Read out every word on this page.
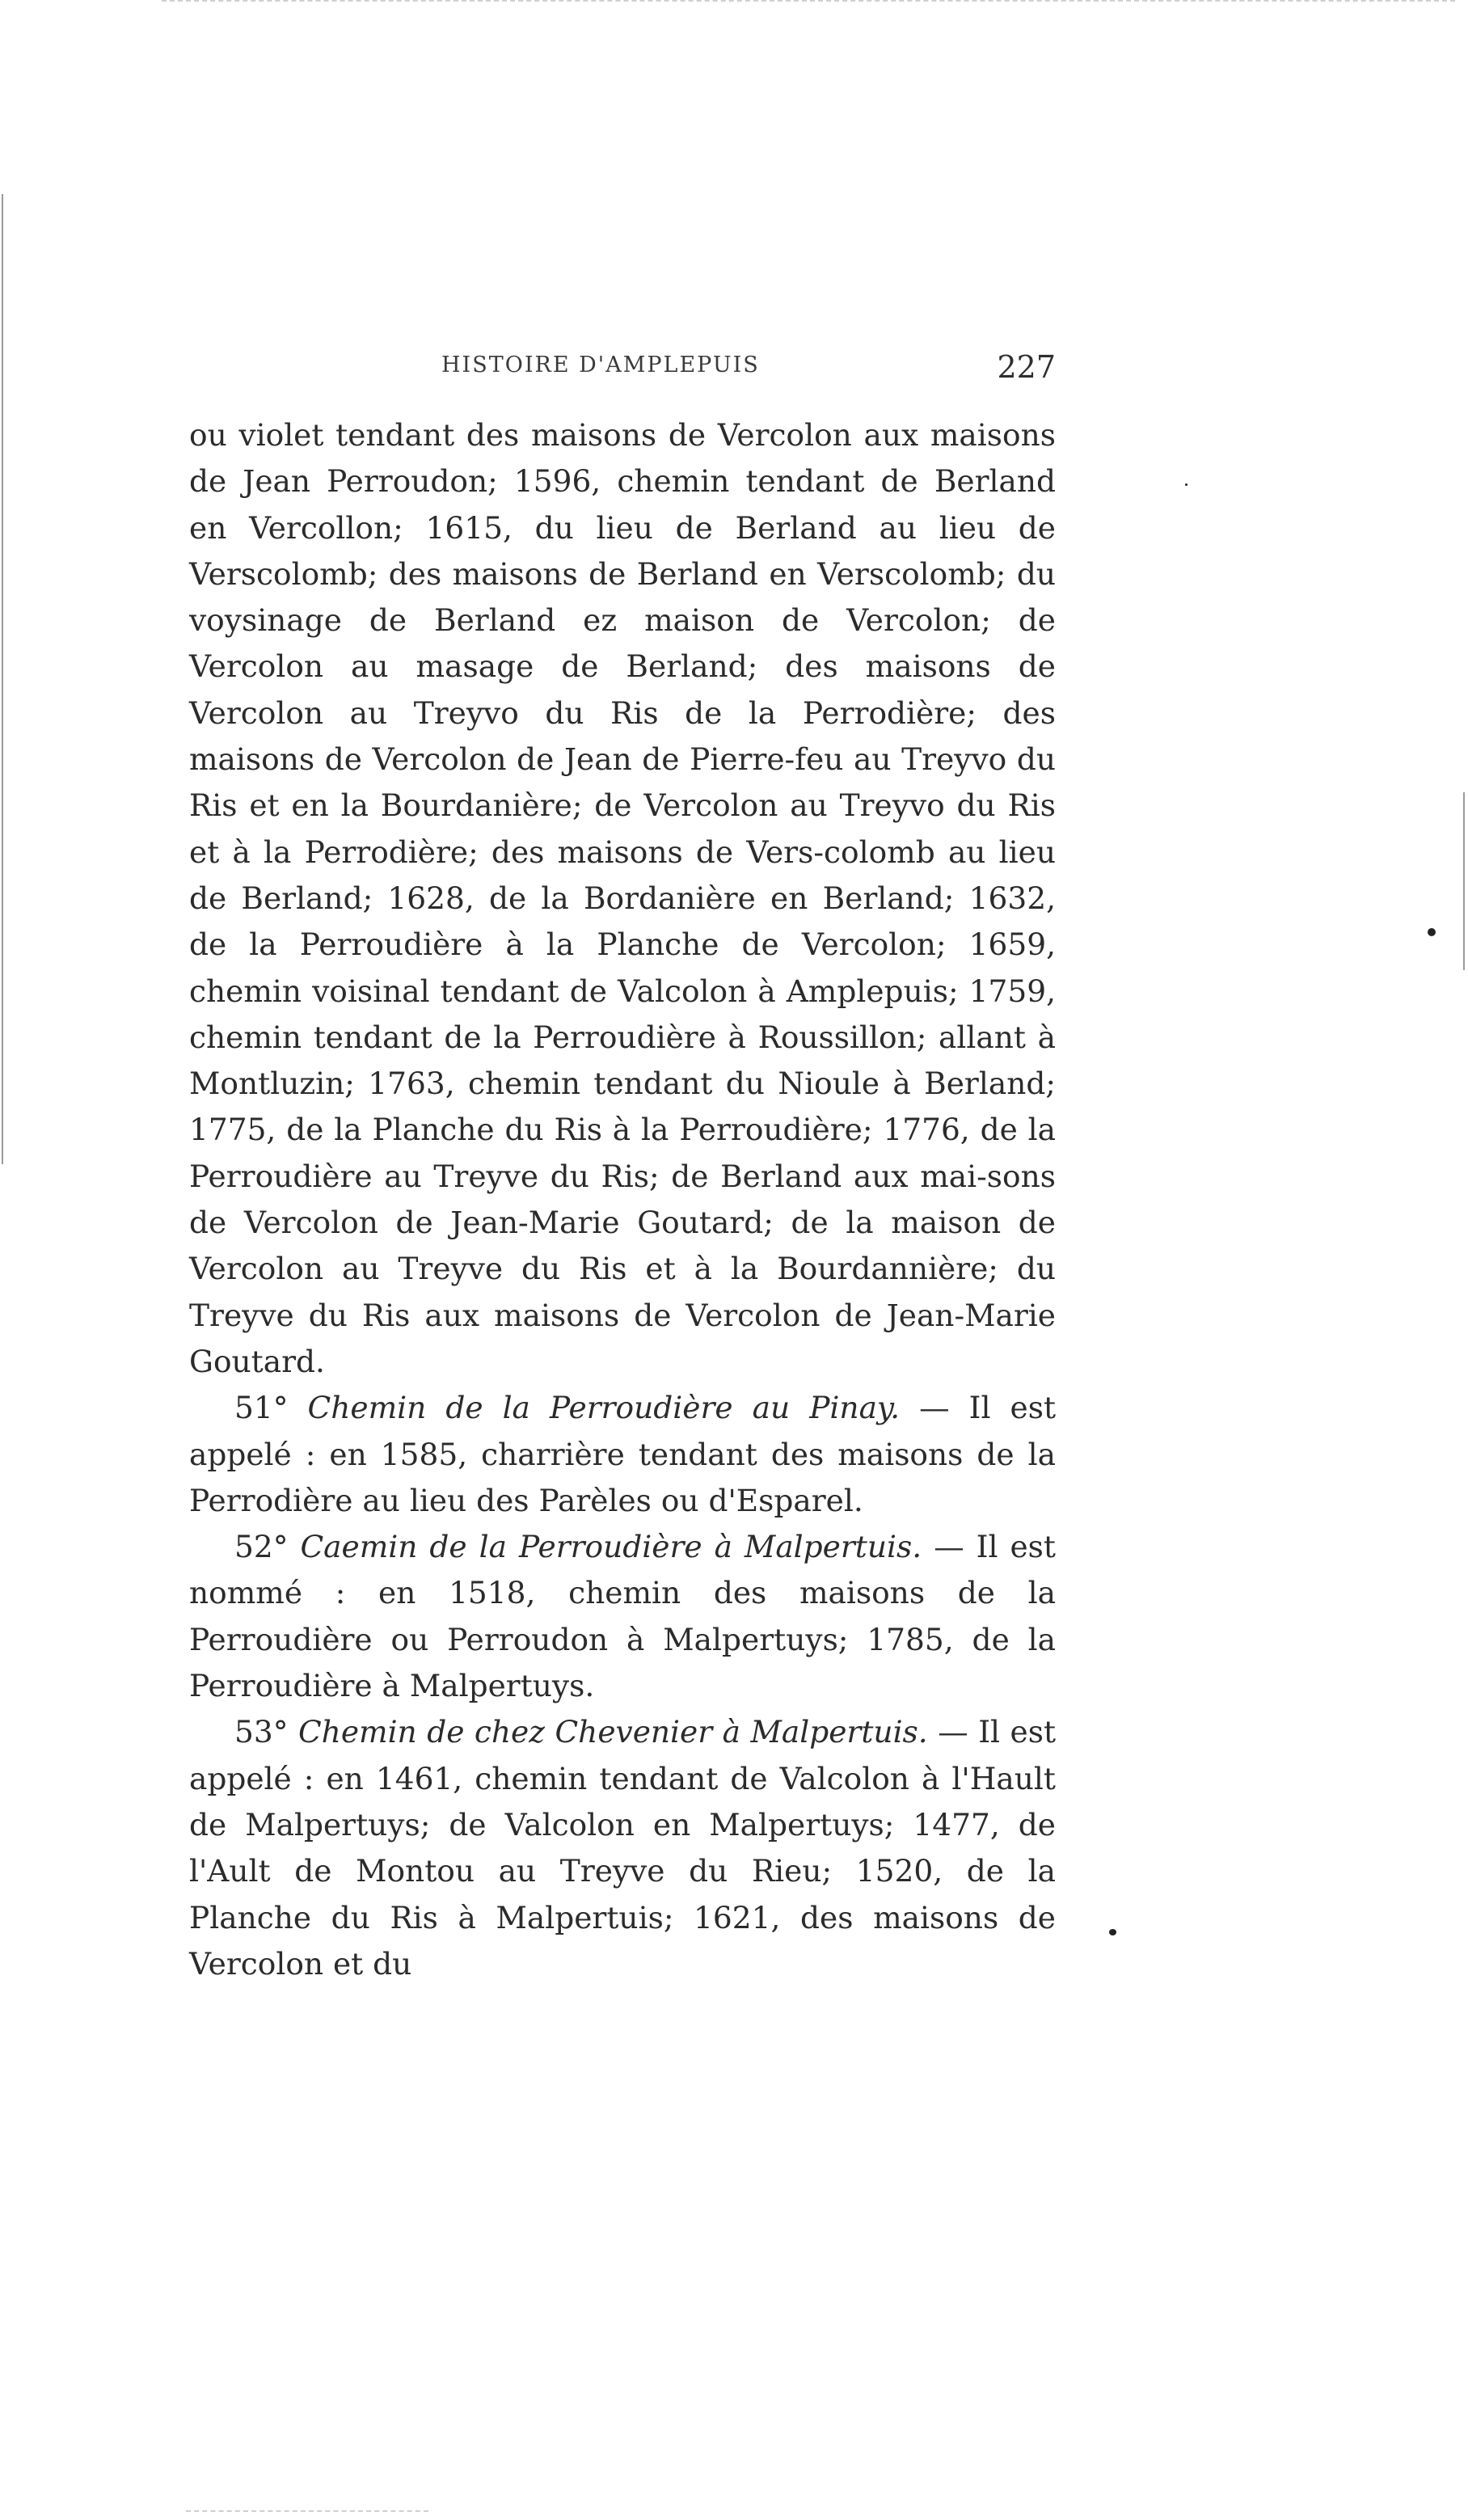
HISTOIRE D'AMPLEPUIS	227

ou violet tendant des maisons de Vercolon aux maisons de Jean Perroudon; 1596, chemin tendant de Berland en Vercollon; 1615, du lieu de Berland au lieu de Verscolomb; des maisons de Berland en Verscolomb; du voysinage de Berland ez maison de Vercolon; de Vercolon au masage de Berland; des maisons de Vercolon au Treyvo du Ris de la Perrodière; des maisons de Vercolon de Jean de Pierre-feu au Treyvo du Ris et en la Bourdanière; de Vercolon au Treyvo du Ris et à la Perrodière; des maisons de Vers-colomb au lieu de Berland; 1628, de la Bordanière en Berland; 1632, de la Perroudière à la Planche de Vercolon; 1659, chemin voisinal tendant de Valcolon à Amplepuis; 1759, chemin tendant de la Perroudière à Roussillon; allant à Montluzin; 1763, chemin tendant du Nioule à Berland; 1775, de la Planche du Ris à la Perroudière; 1776, de la Perroudière au Treyve du Ris; de Berland aux mai-sons de Vercolon de Jean-Marie Goutard; de la maison de Vercolon au Treyve du Ris et à la Bourdannière; du Treyve du Ris aux maisons de Vercolon de Jean-Marie Goutard.

51° Chemin de la Perroudière au Pinay. — Il est appelé : en 1585, charrière tendant des maisons de la Perrodière au lieu des Parèles ou d'Esparel.

52° Caemin de la Perroudière à Malpertuis. — Il est nommé : en 1518, chemin des maisons de la Perroudière ou Perroudon à Malpertuys; 1785, de la Perroudière à Malpertuys.

53° Chemin de chez Chevenier à Malpertuis. — Il est appelé : en 1461, chemin tendant de Valcolon à l'Hault de Malpertuys; de Valcolon en Malpertuys; 1477, de l'Ault de Montou au Treyve du Rieu; 1520, de la Planche du Ris à Malpertuis; 1621, des maisons de Vercolon et du
